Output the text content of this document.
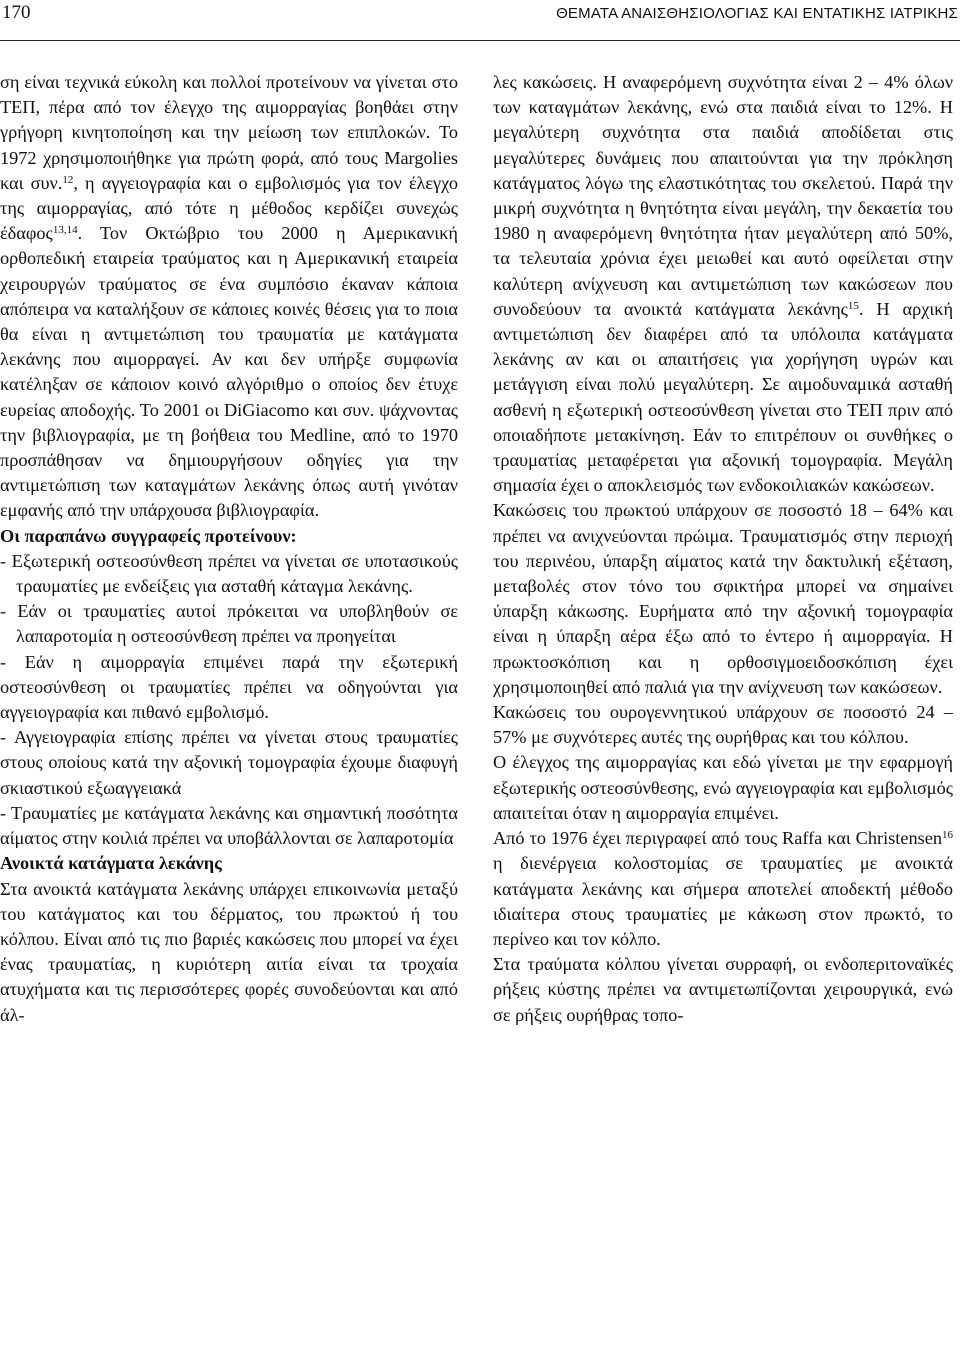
170	ΘΕΜΑΤΑ ΑΝΑΙΣΘΗΣΙΟΛΟΓΙΑΣ ΚΑΙ ΕΝΤΑΤΙΚΗΣ ΙΑΤΡΙΚΗΣ

ση είναι τεχνικά εύκολη και πολλοί προτείνουν να γίνεται στο ΤΕΠ, πέρα από τον έλεγχο της αιμορραγίας βοηθάει στην γρήγορη κινητοποίηση και την μείωση των επιπλοκών. Το 1972 χρησιμοποιήθηκε για πρώτη φορά, από τους Margolies και συν.$^{12}$, η αγγειογραφία και ο εμβολισμός για τον έλεγχο της αιμορραγίας, από τότε η μέθοδος κερδίζει συνεχώς έδαφος$^{13,14}$. Τον Οκτώβριο του 2000 η Αμερικανική ορθοπεδική εταιρεία τραύματος και η Αμερικανική εταιρεία χειρουργών τραύματος σε ένα συμπόσιο έκαναν κάποια απόπειρα να καταλήξουν σε κάποιες κοινές θέσεις για το ποια θα είναι η αντιμετώπιση του τραυματία με κατάγματα λεκάνης που αιμορραγεί. Αν και δεν υπήρξε συμφωνία κατέληξαν σε κάποιον κοινό αλγόριθμο ο οποίος δεν έτυχε ευρείας αποδοχής. Το 2001 οι DiGiacomo και συν. ψάχνοντας την βιβλιογραφία, με τη βοήθεια του Medline, από το 1970 προσπάθησαν να δημιουργήσουν οδηγίες για την αντιμετώπιση των καταγμάτων λεκάνης όπως αυτή γινόταν εμφανής από την υπάρχουσα βιβλιογραφία.

Οι παραπάνω συγγραφείς προτείνουν:

- Εξωτερική οστεοσύνθεση πρέπει να γίνεται σε υποτασικούς τραυματίες με ενδείξεις για ασταθή κάταγμα λεκάνης.

- Εάν οι τραυματίες αυτοί πρόκειται να υποβληθούν σε λαπαροτομία η οστεοσύνθεση πρέπει να προηγείται

- Εάν η αιμορραγία επιμένει παρά την εξωτερική οστεοσύνθεση οι τραυματίες πρέπει να οδηγούνται για αγγειογραφία και πιθανό εμβολισμό.

- Αγγειογραφία επίσης πρέπει να γίνεται στους τραυματίες στους οποίους κατά την αξονική τομογραφία έχουμε διαφυγή σκιαστικού εξωαγγειακά

- Τραυματίες με κατάγματα λεκάνης και σημαντική ποσότητα αίματος στην κοιλιά πρέπει να υποβάλλονται σε λαπαροτομία

Ανοικτά κατάγματα λεκάνης

Στα ανοικτά κατάγματα λεκάνης υπάρχει επικοινωνία μεταξύ του κατάγματος και του δέρματος, του πρωκτού ή του κόλπου. Είναι από τις πιο βαριές κακώσεις που μπορεί να έχει ένας τραυματίας, η κυριότερη αιτία είναι τα τροχαία ατυχήματα και τις περισσότερες φορές συνοδεύονται και από άλ-

λες κακώσεις. Η αναφερόμενη συχνότητα είναι 2 – 4% όλων των καταγμάτων λεκάνης, ενώ στα παιδιά είναι το 12%. Η μεγαλύτερη συχνότητα στα παιδιά αποδίδεται στις μεγαλύτερες δυνάμεις που απαιτούνται για την πρόκληση κατάγματος λόγω της ελαστικότητας του σκελετού. Παρά την μικρή συχνότητα η θνητότητα είναι μεγάλη, την δεκαετία του 1980 η αναφερόμενη θνητότητα ήταν μεγαλύτερη από 50%, τα τελευταία χρόνια έχει μειωθεί και αυτό οφείλεται στην καλύτερη ανίχνευση και αντιμετώπιση των κακώσεων που συνοδεύουν τα ανοικτά κατάγματα λεκάνης$^{15}$. Η αρχική αντιμετώπιση δεν διαφέρει από τα υπόλοιπα κατάγματα λεκάνης αν και οι απαιτήσεις για χορήγηση υγρών και μετάγγιση είναι πολύ μεγαλύτερη. Σε αιμοδυναμικά ασταθή ασθενή η εξωτερική οστεοσύνθεση γίνεται στο ΤΕΠ πριν από οποιαδήποτε μετακίνηση. Εάν το επιτρέπουν οι συνθήκες ο τραυματίας μεταφέρεται για αξονική τομογραφία. Μεγάλη σημασία έχει ο αποκλεισμός των ενδοκοιλιακών κακώσεων.

Κακώσεις του πρωκτού υπάρχουν σε ποσοστό 18 – 64% και πρέπει να ανιχνεύονται πρώιμα. Τραυματισμός στην περιοχή του περινέου, ύπαρξη αίματος κατά την δακτυλική εξέταση, μεταβολές στον τόνο του σφικτήρα μπορεί να σημαίνει ύπαρξη κάκωσης. Ευρήματα από την αξονική τομογραφία είναι η ύπαρξη αέρα έξω από το έντερο ή αιμορραγία. Η πρωκτοσκόπιση και η ορθοσιγμοειδοσκόπιση έχει χρησιμοποιηθεί από παλιά για την ανίχνευση των κακώσεων.

Κακώσεις του ουρογεννητικού υπάρχουν σε ποσοστό 24 – 57% με συχνότερες αυτές της ουρήθρας και του κόλπου.

Ο έλεγχος της αιμορραγίας και εδώ γίνεται με την εφαρμογή εξωτερικής οστεοσύνθεσης, ενώ αγγειογραφία και εμβολισμός απαιτείται όταν η αιμορραγία επιμένει.

Από το 1976 έχει περιγραφεί από τους Raffa και Christensen$^{16}$ η διενέργεια κολοστομίας σε τραυματίες με ανοικτά κατάγματα λεκάνης και σήμερα αποτελεί αποδεκτή μέθοδο ιδιαίτερα στους τραυματίες με κάκωση στον πρωκτό, το περίνεο και τον κόλπο.

Στα τραύματα κόλπου γίνεται συρραφή, οι ενδοπεριτοναϊκές ρήξεις κύστης πρέπει να αντιμετωπίζονται χειρουργικά, ενώ σε ρήξεις ουρήθρας τοπο-
